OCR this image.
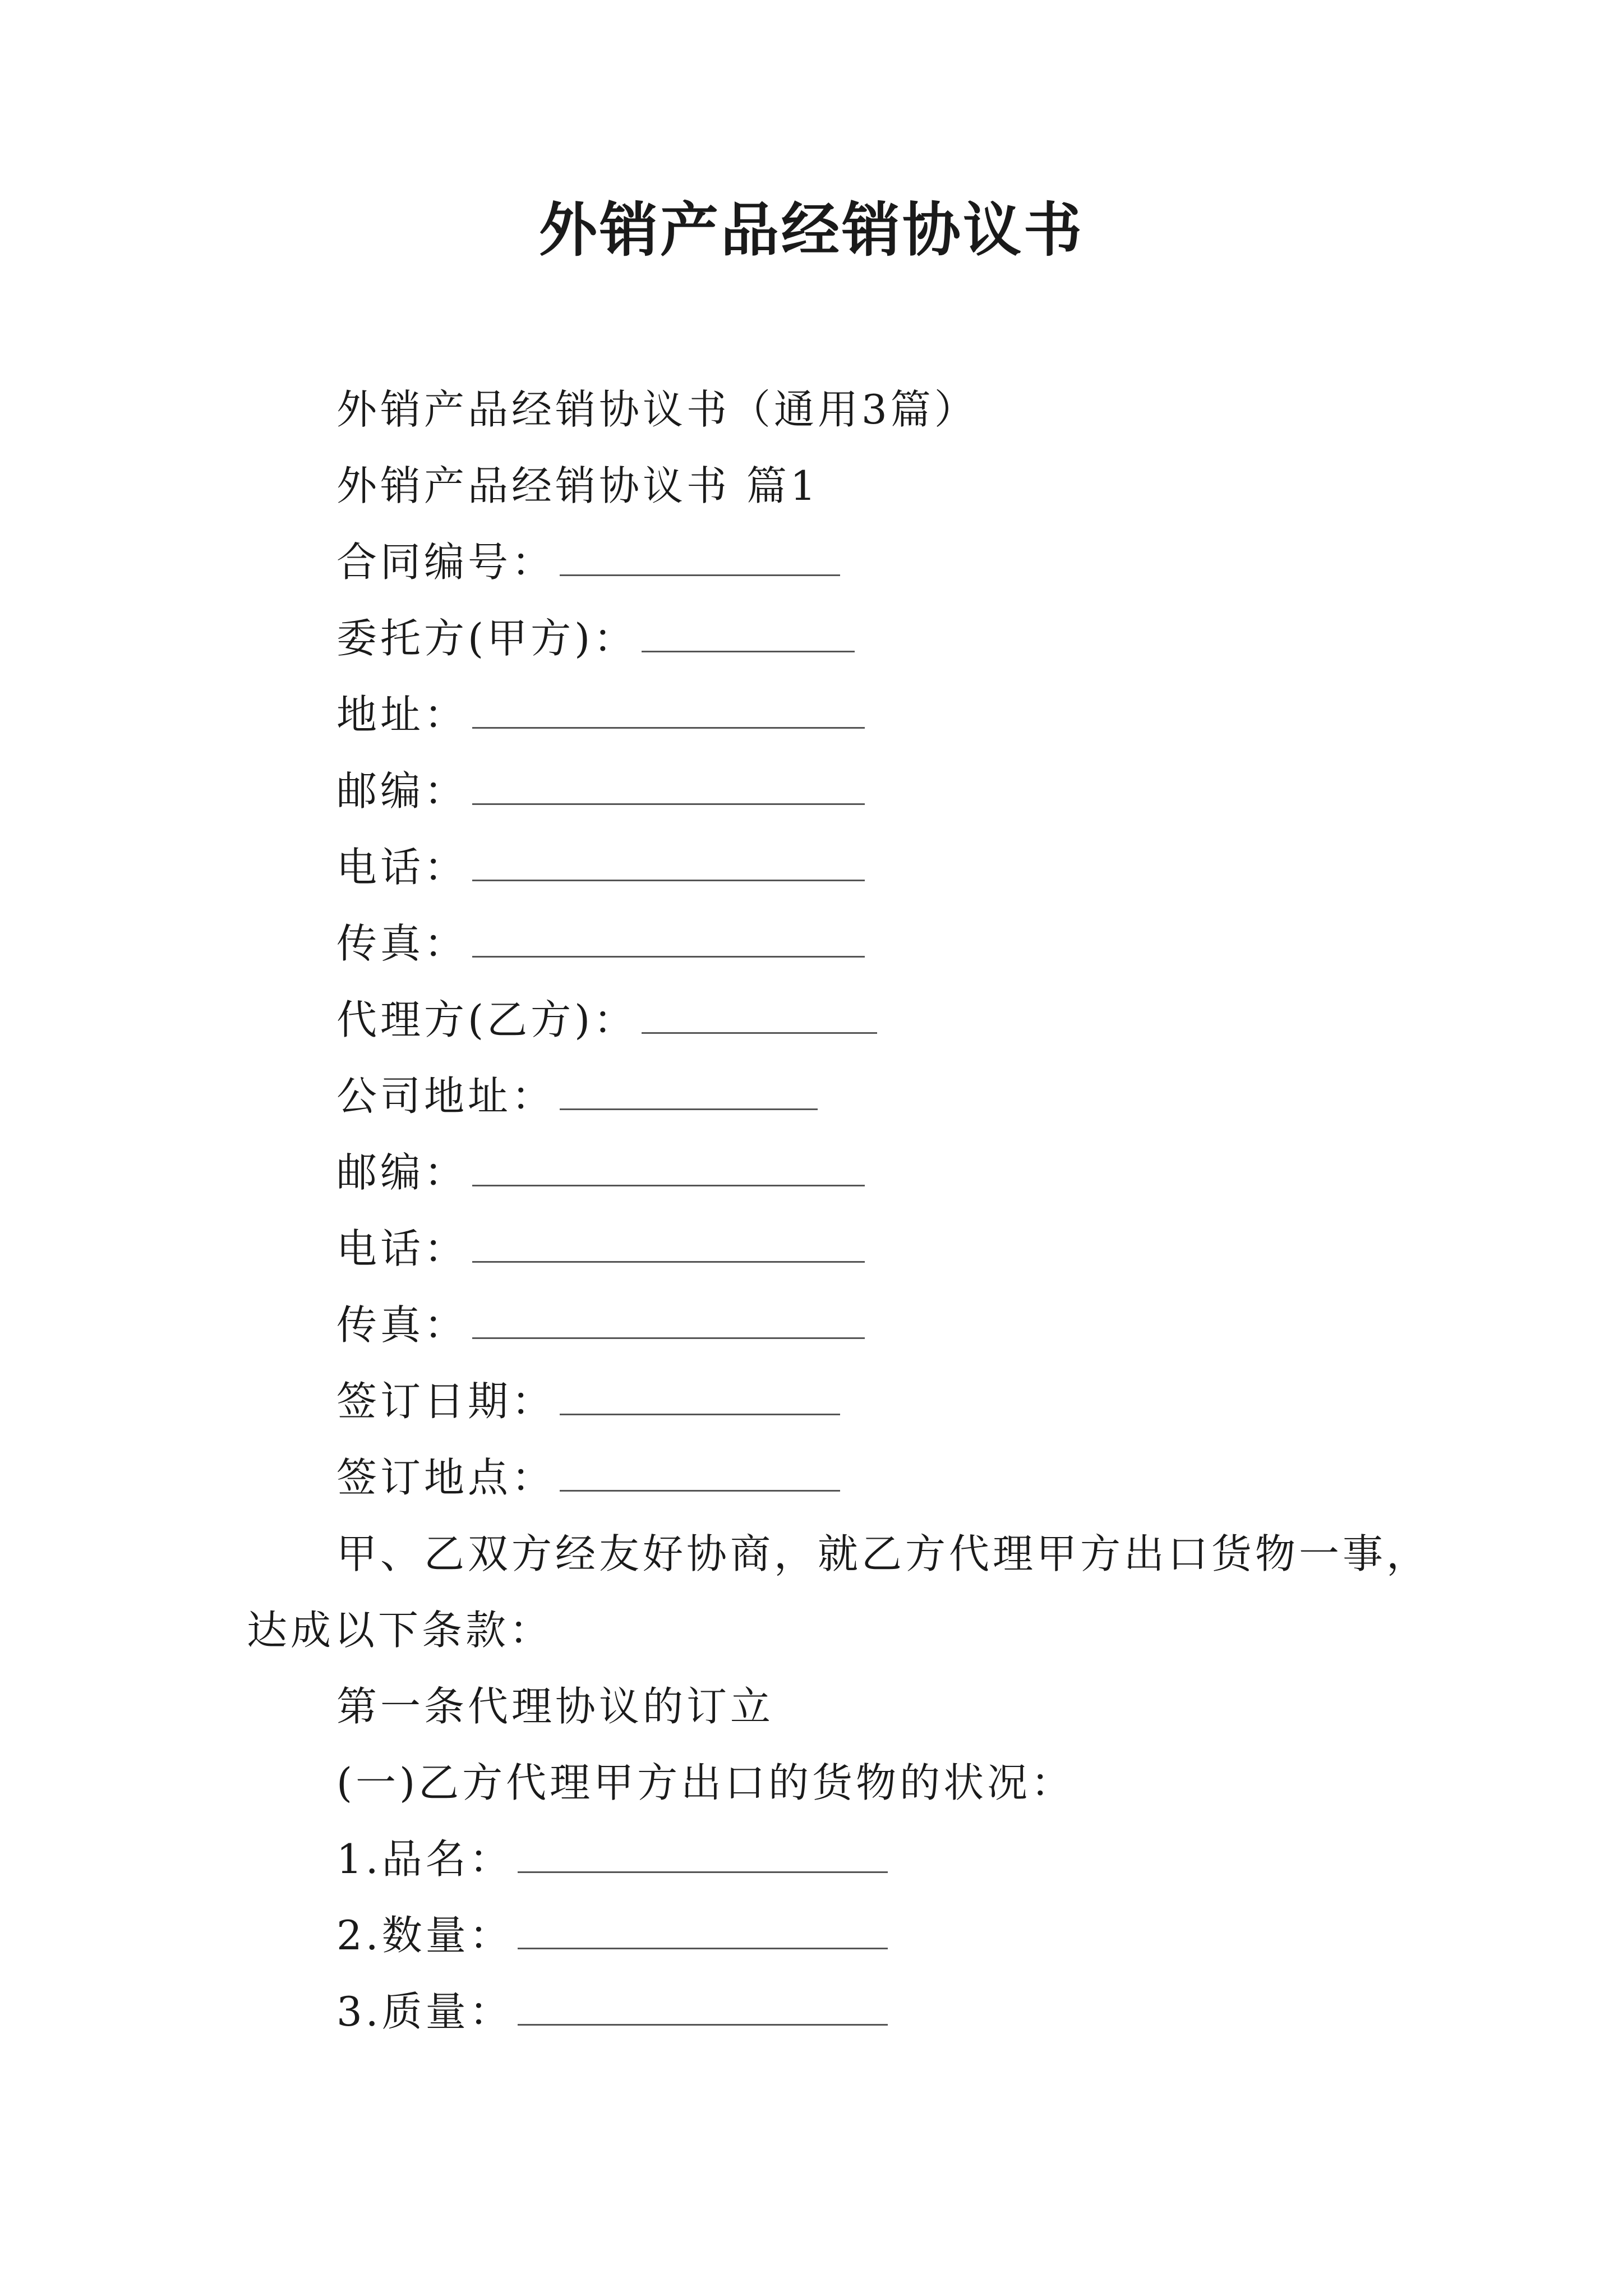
外销产品经销协议书
外销产品经销协议书（通用3篇）
外销产品经销协议书 篇1
合同编号：
委托方(甲方)：
地址：
邮编：
电话：
传真：
代理方(乙方)：
公司地址：
邮编：
电话：
传真：
签订日期：
签订地点：
甲、乙双方经友好协商，就乙方代理甲方出口货物一事，
达成以下条款：
第一条代理协议的订立
(一)乙方代理甲方出口的货物的状况：
1.品名：
2.数量：
3.质量：
